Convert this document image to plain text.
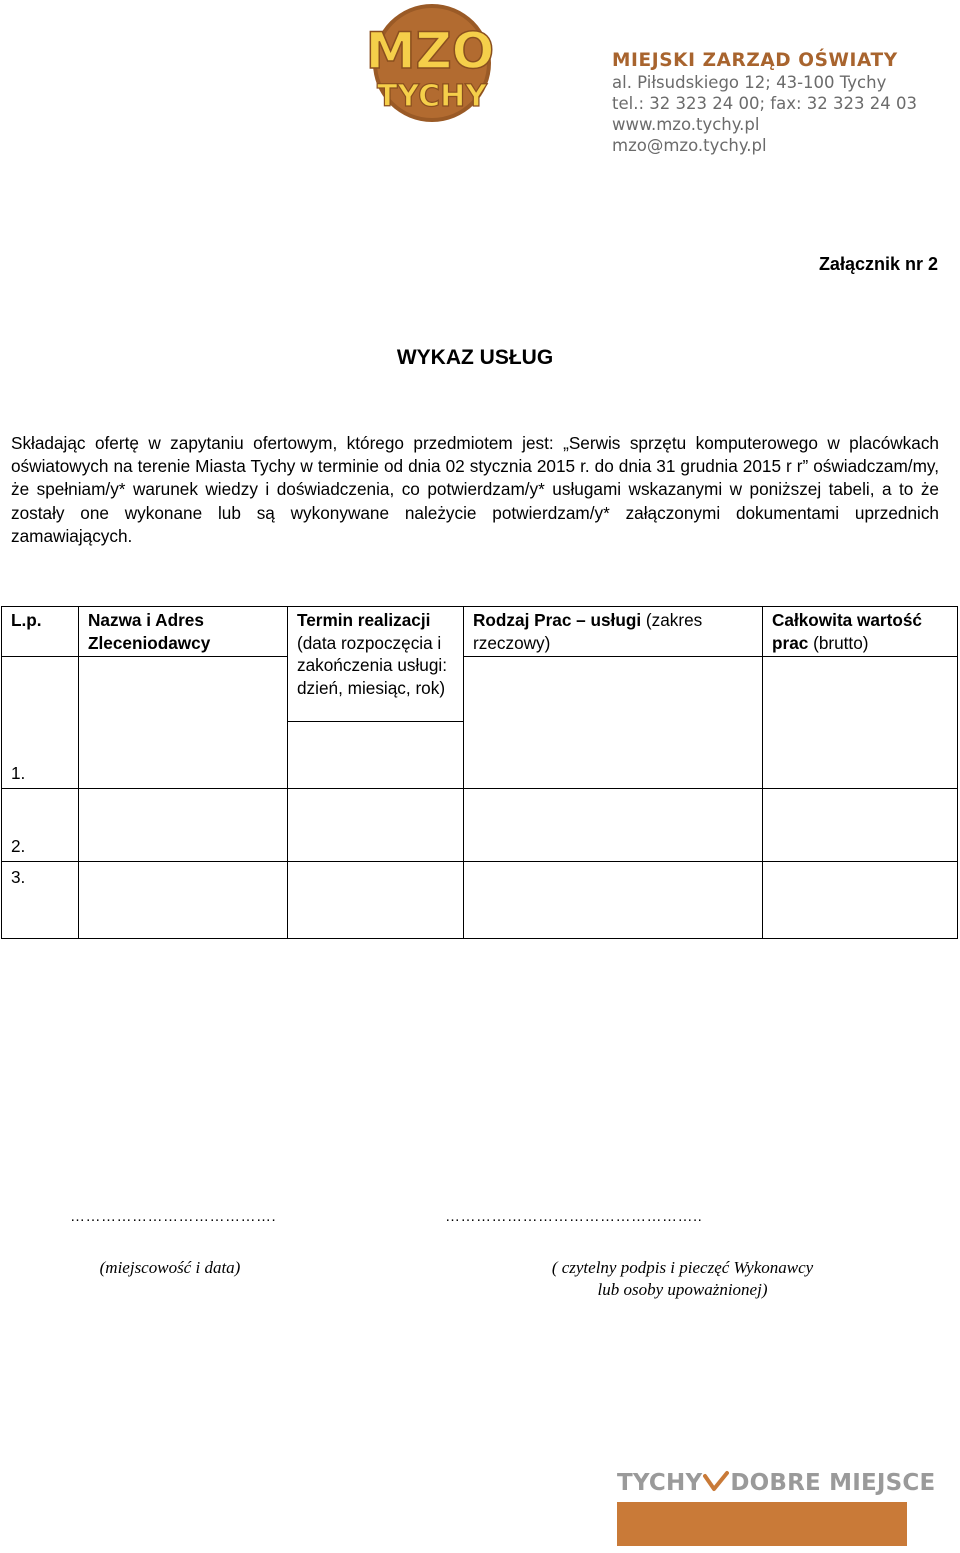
MZO
TYCHY
MIEJSKI ZARZĄD OŚWIATY
al. Piłsudskiego 12; 43-100 Tychy
tel.: 32 323 24 00; fax: 32 323 24 03
www.mzo.tychy.pl
mzo@mzo.tychy.pl
Załącznik nr 2
WYKAZ USŁUG
Składając ofertę w zapytaniu ofertowym, którego przedmiotem jest: „Serwis sprzętu komputerowego w placówkach oświatowych na terenie Miasta Tychy w terminie od dnia 02 stycznia 2015 r. do dnia 31 grudnia 2015 r r” oświadczam/my, że spełniam/y* warunek wiedzy i doświadczenia, co potwierdzam/y* usługami wskazanymi w poniższej tabeli, a to że zostały one wykonane lub są wykonywane należycie potwierdzam/y* załączonymi dokumentami uprzednich zamawiających.
L.p.	Nazwa i Adres Zleceniodawcy	Termin realizacji (data rozpoczęcia i zakończenia usługi: dzień, miesiąc, rok)	Rodzaj Prac – usługi (zakres rzeczowy)	Całkowita wartość prac (brutto)
1.				

2.				
3.				
………………………………….	…………………………………………..
(miejscowość i data)	( czytelny podpis i pieczęć Wykonawcy
lub osoby upoważnionej)
TYCHY DOBRE MIEJSCE
